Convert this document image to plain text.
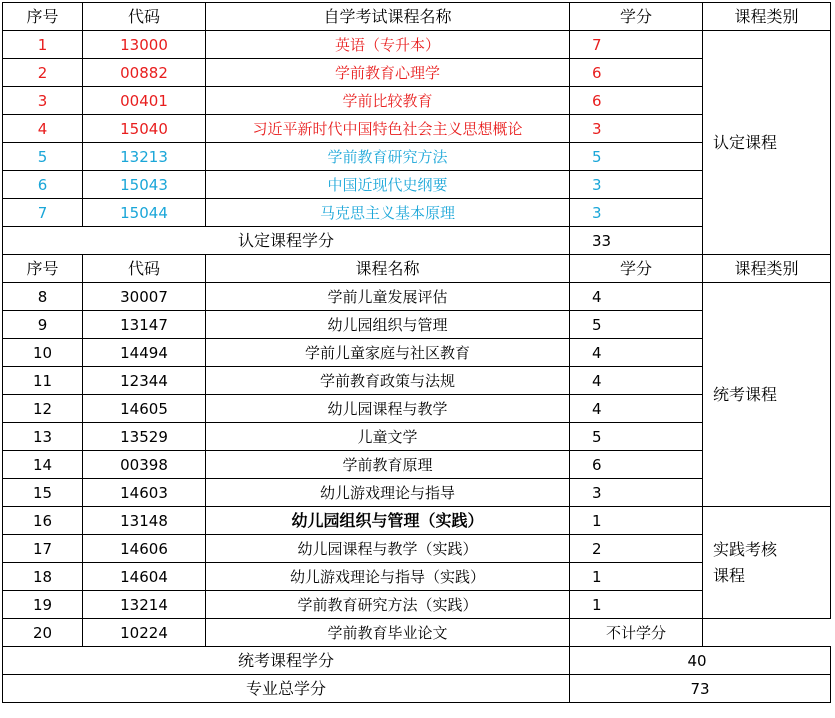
序号	代码	自学考试课程名称	学分	课程类别
1	13000	英语（专升本）	7	认定课程
2	00882	学前教育心理学	6	
3	00401	学前比较教育	6	
4	15040	习近平新时代中国特色社会主义思想概论	3	
5	13213	学前教育研究方法	5	
6	15043	中国近现代史纲要	3	
7	15044	马克思主义基本原理	3	
认定课程学分			33	
序号	代码	课程名称	学分	课程类别
8	30007	学前儿童发展评估	4	统考课程
9	13147	幼儿园组织与管理	5	
10	14494	学前儿童家庭与社区教育	4	
11	12344	学前教育政策与法规	4	
12	14605	幼儿园课程与教学	4	
13	13529	儿童文学	5	
14	00398	学前教育原理	6	
15	14603	幼儿游戏理论与指导	3	
16	13148	幼儿园组织与管理（实践）	1	实践考核
课程

17	14606	幼儿园课程与教学（实践）	2	
18	14604	幼儿游戏理论与指导（实践）	1	
19	13214	学前教育研究方法（实践）	1	
20	10224	学前教育毕业论文	不计学分	
统考课程学分			40	
专业总学分			73	
